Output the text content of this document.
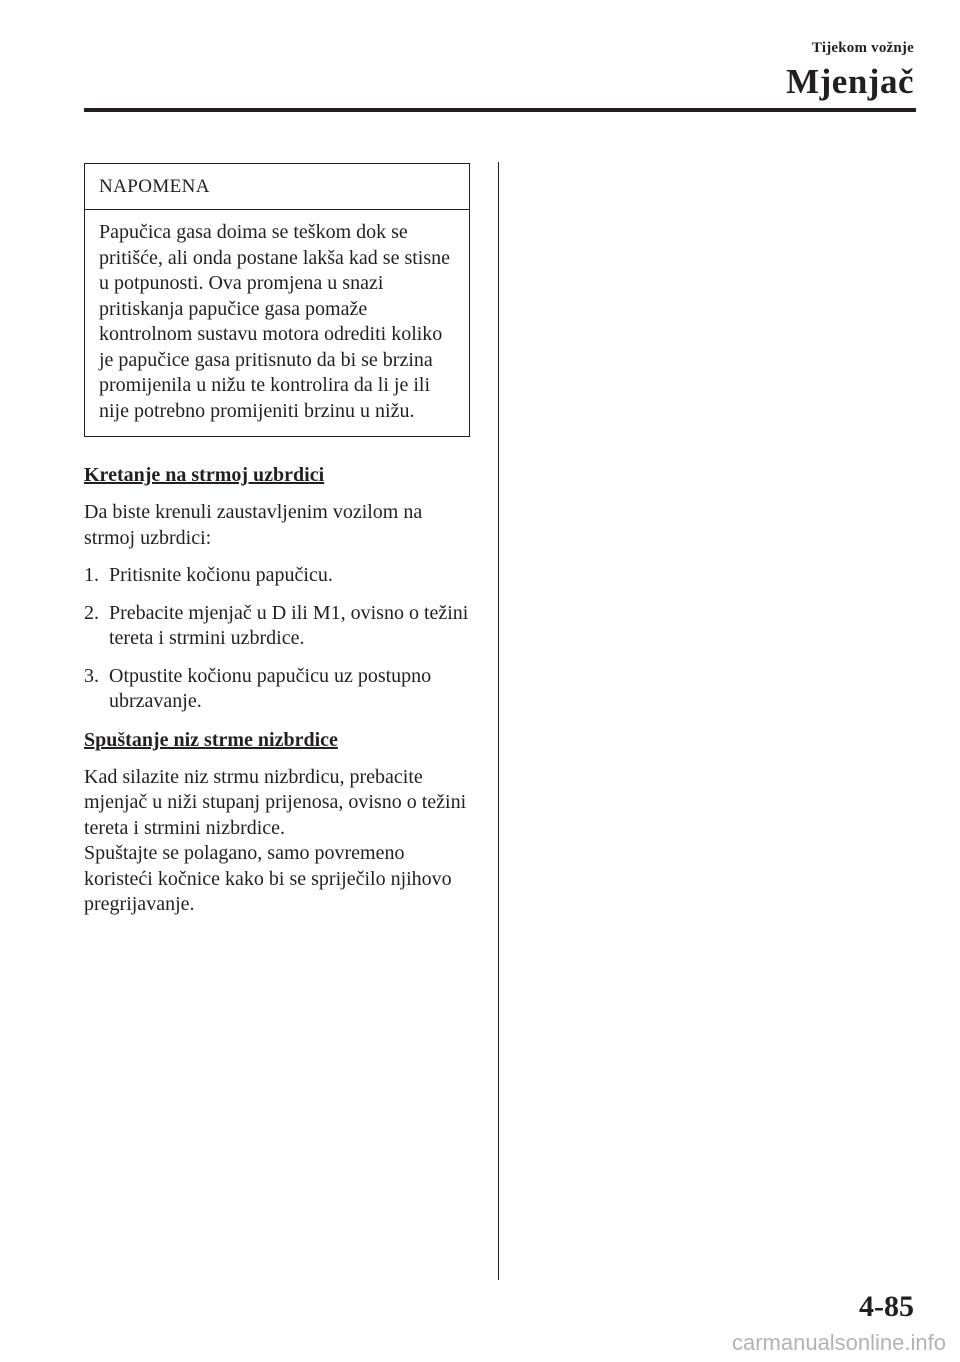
Tijekom vožnje
Mjenjač
NAPOMENA
Papučica gasa doima se teškom dok se pritišće, ali onda postane lakša kad se stisne u potpunosti. Ova promjena u snazi pritiskanja papučice gasa pomaže kontrolnom sustavu motora odrediti koliko je papučice gasa pritisnuto da bi se brzina promijenila u nižu te kontrolira da li je ili nije potrebno promijeniti brzinu u nižu.

Kretanje na strmoj uzbrdici

Da biste krenuli zaustavljenim vozilom na strmoj uzbrdici:

1. Pritisnite kočionu papučicu.

2. Prebacite mjenjač u D ili M1, ovisno o težini tereta i strmini uzbrdice.

3. Otpustite kočionu papučicu uz postupno ubrzavanje.

Spuštanje niz strme nizbrdice

Kad silazite niz strmu nizbrdicu, prebacite mjenjač u niži stupanj prijenosa, ovisno o težini tereta i strmini nizbrdice.

Spuštajte se polagano, samo povremeno koristeći kočnice kako bi se spriječilo njihovo pregrijavanje.

4-85
carmanualsonline.info
